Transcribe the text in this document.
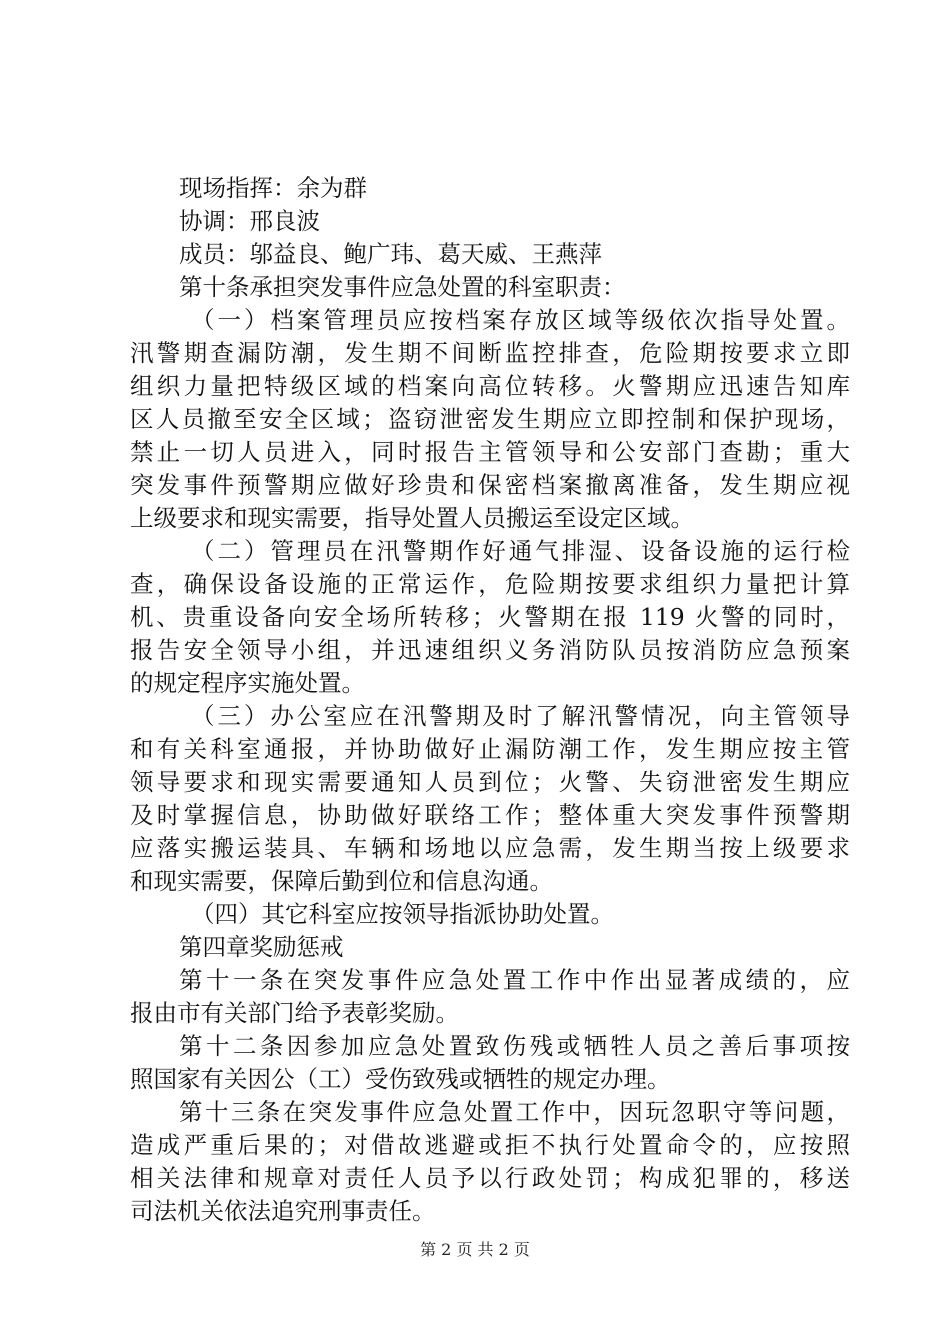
现场指挥：余为群
协调：邢良波
成员：邬益良、鲍广玮、葛天威、王燕萍
第十条承担突发事件应急处置的科室职责：
（一）档案管理员应按档案存放区域等级依次指导处置。
汛警期查漏防潮，发生期不间断监控排查，危险期按要求立即
组织力量把特级区域的档案向高位转移。火警期应迅速告知库
区人员撤至安全区域；盗窃泄密发生期应立即控制和保护现场，
禁止一切人员进入，同时报告主管领导和公安部门查勘；重大
突发事件预警期应做好珍贵和保密档案撤离准备，发生期应视
上级要求和现实需要，指导处置人员搬运至设定区域。
（二）管理员在汛警期作好通气排湿、设备设施的运行检
查，确保设备设施的正常运作，危险期按要求组织力量把计算
机、贵重设备向安全场所转移；火警期在报 119 火警的同时，
报告安全领导小组，并迅速组织义务消防队员按消防应急预案
的规定程序实施处置。
（三）办公室应在汛警期及时了解汛警情况，向主管领导
和有关科室通报，并协助做好止漏防潮工作，发生期应按主管
领导要求和现实需要通知人员到位；火警、失窃泄密发生期应
及时掌握信息，协助做好联络工作；整体重大突发事件预警期
应落实搬运装具、车辆和场地以应急需，发生期当按上级要求
和现实需要，保障后勤到位和信息沟通。
（四）其它科室应按领导指派协助处置。
第四章奖励惩戒
第十一条在突发事件应急处置工作中作出显著成绩的，应
报由市有关部门给予表彰奖励。
第十二条因参加应急处置致伤残或牺牲人员之善后事项按
照国家有关因公（工）受伤致残或牺牲的规定办理。
第十三条在突发事件应急处置工作中，因玩忽职守等问题，
造成严重后果的；对借故逃避或拒不执行处置命令的，应按照
相关法律和规章对责任人员予以行政处罚；构成犯罪的，移送
司法机关依法追究刑事责任。
第 2 页 共 2 页
